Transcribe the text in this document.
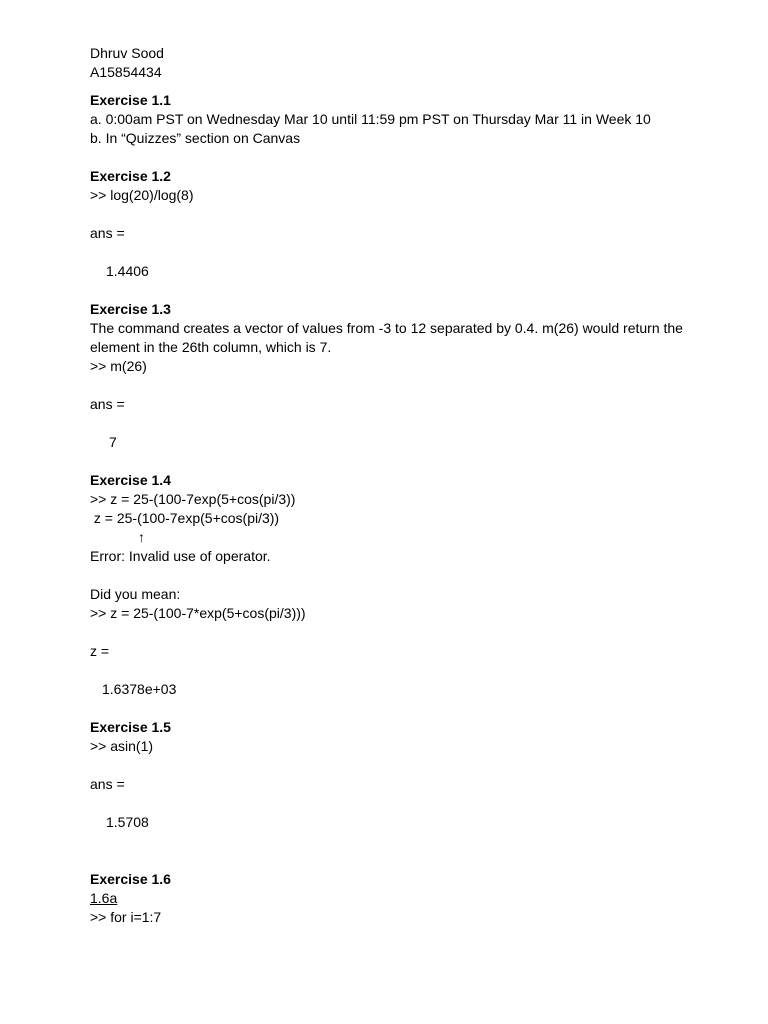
Dhruv Sood
A15854434
Exercise 1.1
a. 0:00am PST on Wednesday Mar 10 until 11:59 pm PST on Thursday Mar 11 in Week 10
b. In “Quizzes” section on Canvas
Exercise 1.2
>> log(20)/log(8)
ans =
1.4406
Exercise 1.3
The command creates a vector of values from -3 to 12 separated by 0.4. m(26) would return the element in the 26th column, which is 7.
>> m(26)
ans =
7
Exercise 1.4
>> z = 25-(100-7exp(5+cos(pi/3))
z = 25-(100-7exp(5+cos(pi/3))
↑
Error: Invalid use of operator.
Did you mean:
>> z = 25-(100-7*exp(5+cos(pi/3)))
z =
1.6378e+03
Exercise 1.5
>> asin(1)
ans =
1.5708
Exercise 1.6
1.6a
>> for i=1:7
